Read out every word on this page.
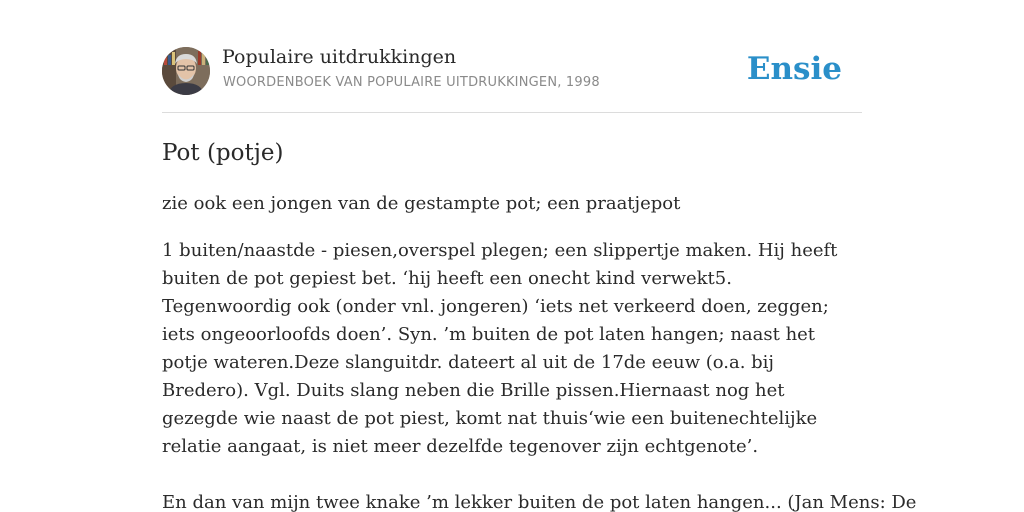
Populaire uitdrukkingen
WOORDENBOEK VAN POPULAIRE UITDRUKKINGEN, 1998	Ensie
Pot (potje)

zie ook een jongen van de gestampte pot; een praatjepot

1 buiten/naastde - piesen,overspel plegen; een slippertje maken. Hij heeft buiten de pot gepiest bet. ‘hij heeft een onecht kind verwekt5. Tegenwoordig ook (onder vnl. jongeren) ‘iets net verkeerd doen, zeggen; iets ongeoorloofds doen’. Syn. ’m buiten de pot laten hangen; naast het potje wateren.Deze slanguitdr. dateert al uit de 17de eeuw (o.a. bij Bredero). Vgl. Duits slang neben die Brille pissen.Hiernaast nog het gezegde wie naast de pot piest, komt nat thuis‘wie een buitenechtelijke relatie aangaat, is niet meer dezelfde tegenover zijn echtgenote’.

En dan van mijn twee knake ’m lekker buiten de pot laten hangen... (Jan Mens: De
